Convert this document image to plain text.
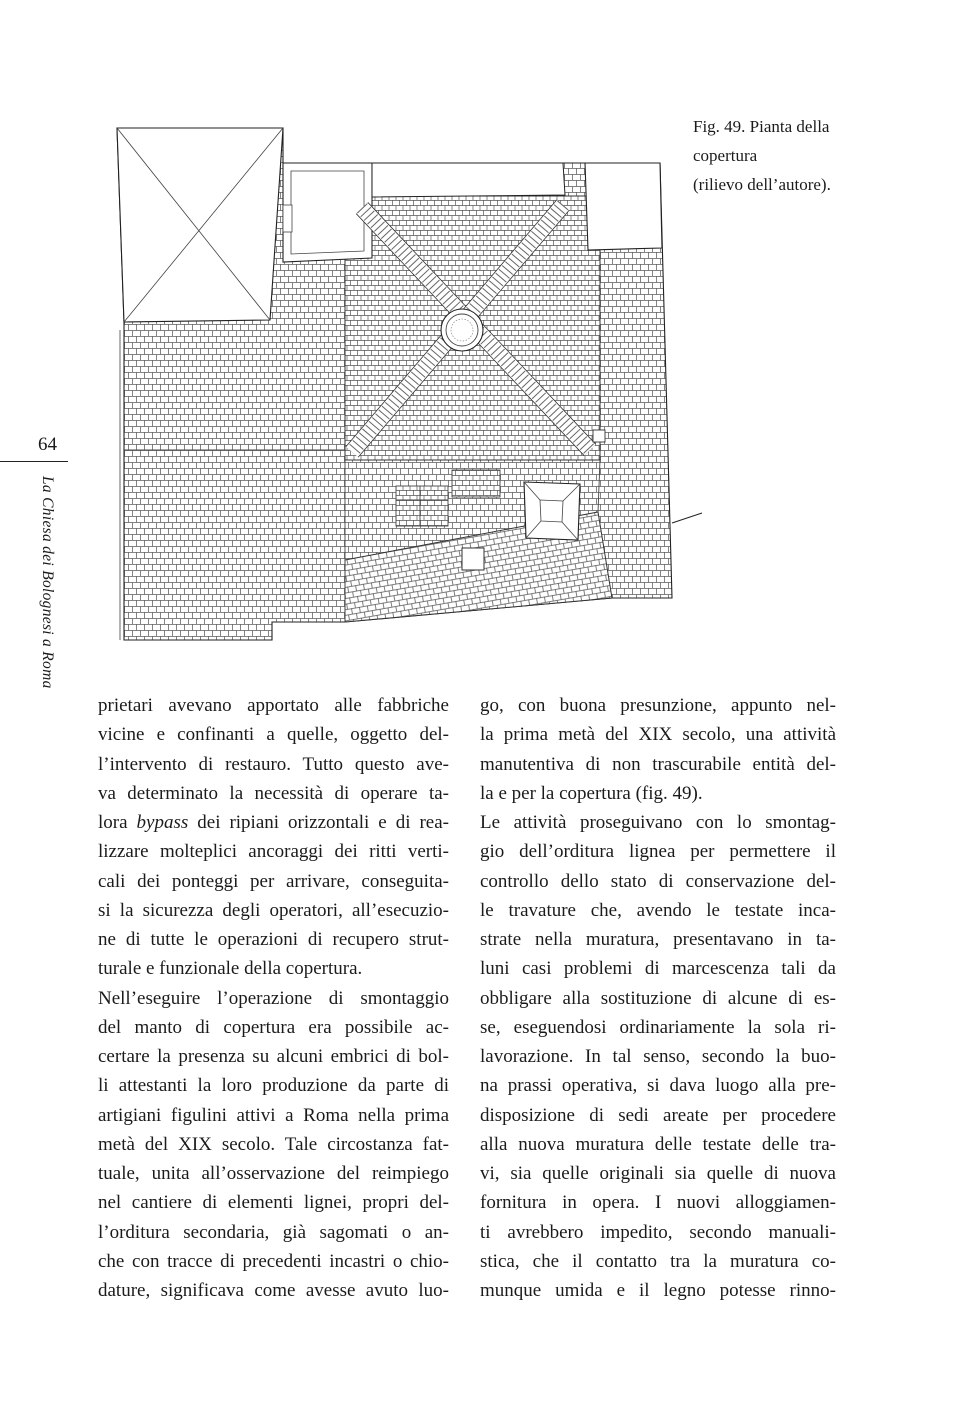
Fig. 49. Pianta della
copertura
(rilievo dell’autore).
64
La Chiesa dei Bolognesi a Roma
prietari avevano apportato alle fabbriche
vicine e confinanti a quelle, oggetto del-
l’intervento di restauro. Tutto questo ave-
va determinato la necessità di operare ta-
lora bypass dei ripiani orizzontali e di rea-
lizzare molteplici ancoraggi dei ritti verti-
cali dei ponteggi per arrivare, conseguita-
si la sicurezza degli operatori, all’esecuzio-
ne di tutte le operazioni di recupero strut-
turale e funzionale della copertura.
Nell’eseguire l’operazione di smontaggio
del manto di copertura era possibile ac-
certare la presenza su alcuni embrici di bol-
li attestanti la loro produzione da parte di
artigiani figulini attivi a Roma nella prima
metà del XIX secolo. Tale circostanza fat-
tuale, unita all’osservazione del reimpiego
nel cantiere di elementi lignei, propri del-
l’orditura secondaria, già sagomati o an-
che con tracce di precedenti incastri o chio-
dature, significava come avesse avuto luo-
go, con buona presunzione, appunto nel-
la prima metà del XIX secolo, una attività
manutentiva di non trascurabile entità del-
la e per la copertura (fig. 49).
Le attività proseguivano con lo smontag-
gio dell’orditura lignea per permettere il
controllo dello stato di conservazione del-
le travature che, avendo le testate inca-
strate nella muratura, presentavano in ta-
luni casi problemi di marcescenza tali da
obbligare alla sostituzione di alcune di es-
se, eseguendosi ordinariamente la sola ri-
lavorazione. In tal senso, secondo la buo-
na prassi operativa, si dava luogo alla pre-
disposizione di sedi areate per procedere
alla nuova muratura delle testate delle tra-
vi, sia quelle originali sia quelle di nuova
fornitura in opera. I nuovi alloggiamen-
ti avrebbero impedito, secondo manuali-
stica, che il contatto tra la muratura co-
munque umida e il legno potesse rinno-
